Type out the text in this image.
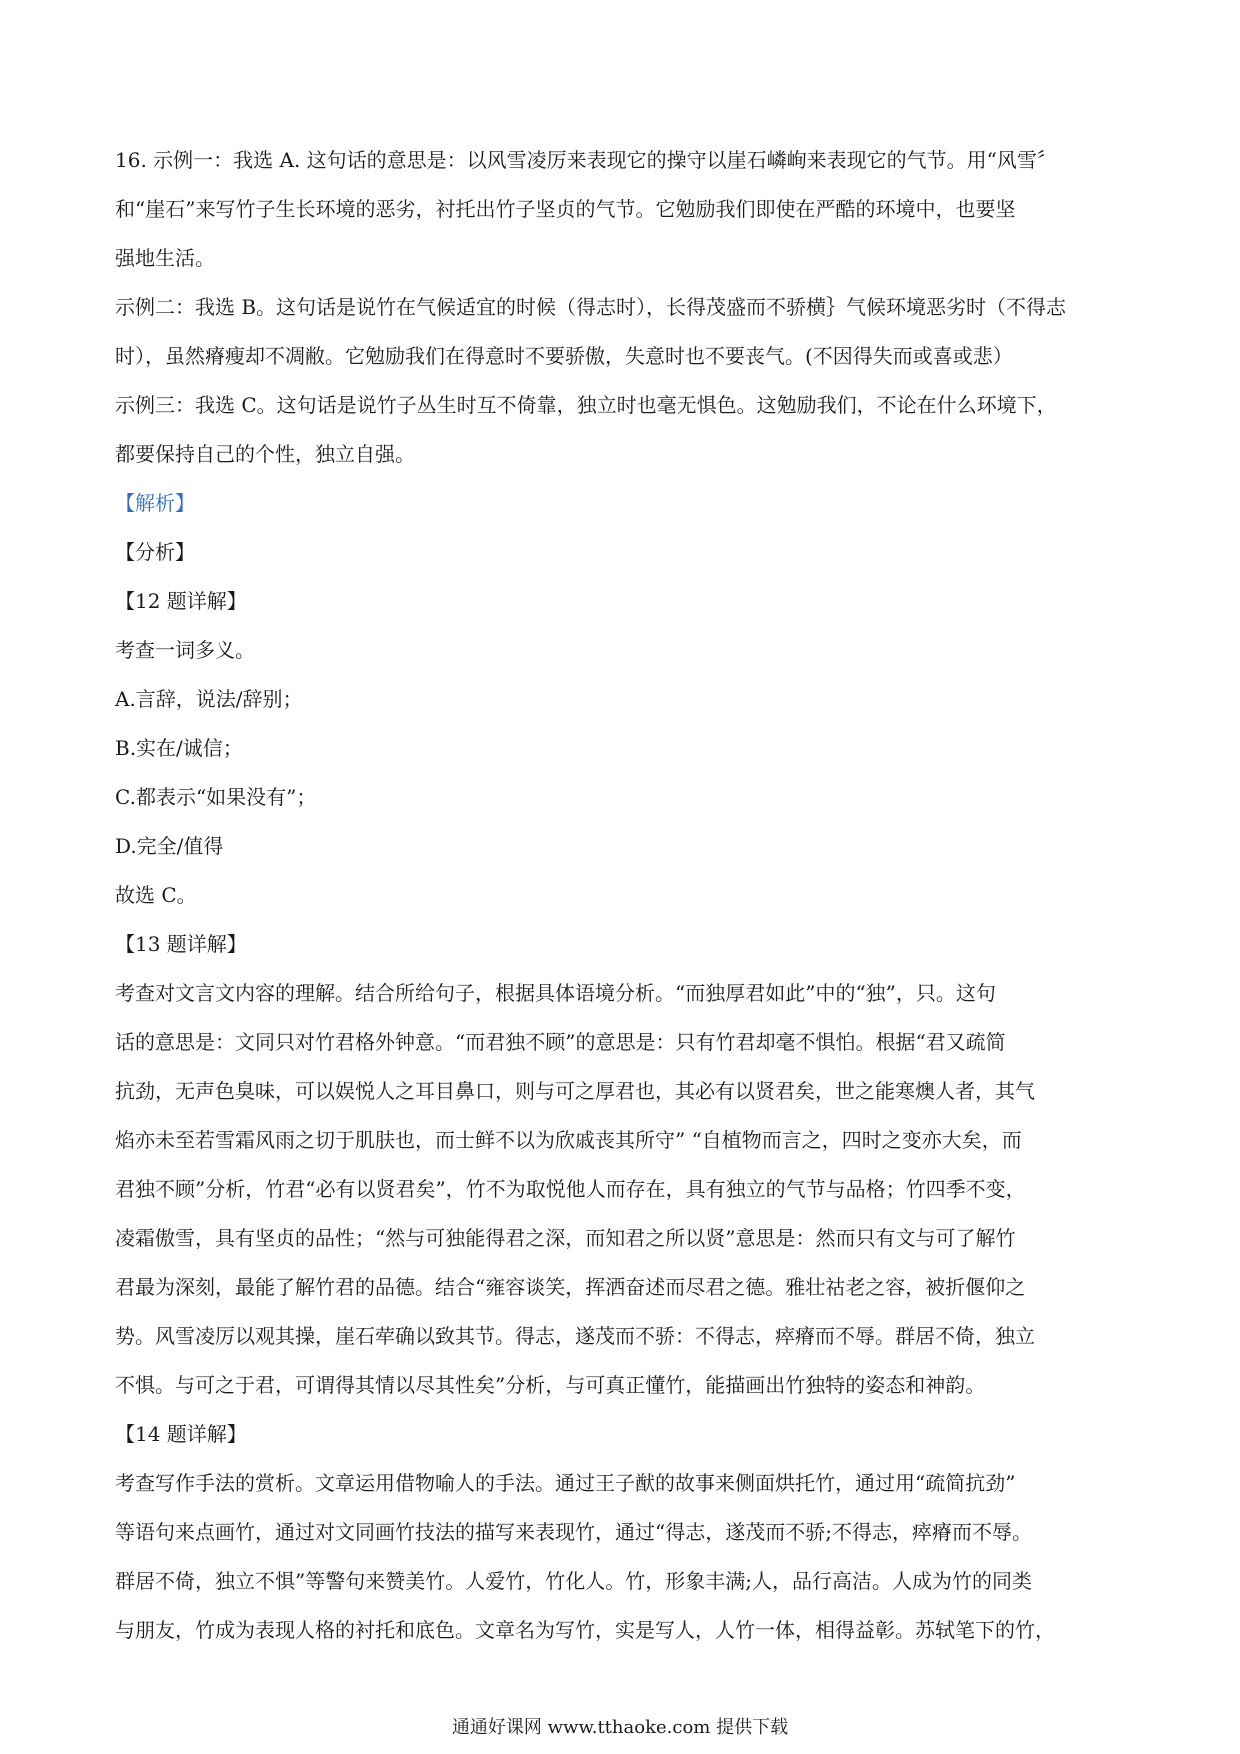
16. 示例一：我选 A. 这句话的意思是：以风雪凌厉来表现它的操守以崖石嶙峋来表现它的气节。用“风雪〞
和“崖石”来写竹子生长环境的恶劣，衬托出竹子坚贞的气节。它勉励我们即使在严酷的环境中，也要坚
强地生活。
示例二：我选 B。这句话是说竹在气候适宜的时候（得志时），长得茂盛而不骄横｝气候环境恶劣时（不得志
时），虽然瘠瘦却不凋敝。它勉励我们在得意时不要骄傲，失意时也不要丧气。(不因得失而或喜或悲）
示例三：我选 C。这句话是说竹子丛生时互不倚靠，独立时也毫无惧色。这勉励我们，不论在什么环境下，
都要保持自己的个性，独立自强。
【解析】
【分析】
【12 题详解】
考查一词多义。
A.言辞，说法/辞别；
B.实在/诚信；
C.都表示“如果没有”；
D.完全/值得
故选 C。
【13 题详解】
考查对文言文内容的理解。结合所给句子，根据具体语境分析。“而独厚君如此”中的“独”，只。这句
话的意思是：文同只对竹君格外钟意。“而君独不顾”的意思是：只有竹君却毫不惧怕。根据“君又疏简
抗劲，无声色臭味，可以娱悦人之耳目鼻口，则与可之厚君也，其必有以贤君矣，世之能寒燠人者，其气
焰亦未至若雪霜风雨之切于肌肤也，而士鲜不以为欣戚丧其所守” “自植物而言之，四时之变亦大矣，而
君独不顾”分析，竹君“必有以贤君矣”，竹不为取悦他人而存在，具有独立的气节与品格；竹四季不变，
凌霜傲雪，具有坚贞的品性；“然与可独能得君之深，而知君之所以贤”意思是：然而只有文与可了解竹
君最为深刻，最能了解竹君的品德。结合“雍容谈笑，挥洒奋述而尽君之德。雅壮祜老之容，被折偃仰之
势。风雪凌厉以观其操，崖石荦确以致其节。得志，遂茂而不骄：不得志，瘁瘠而不辱。群居不倚，独立
不惧。与可之于君，可谓得其情以尽其性矣”分析，与可真正懂竹，能描画出竹独特的姿态和神韵。
【14 题详解】
考查写作手法的赏析。文章运用借物喻人的手法。通过王子猷的故事来侧面烘托竹，通过用“疏简抗劲”
等语句来点画竹，通过对文同画竹技法的描写来表现竹，通过“得志，遂茂而不骄;不得志，瘁瘠而不辱。
群居不倚，独立不惧”等警句来赞美竹。人爱竹，竹化人。竹，形象丰满;人，品行高洁。人成为竹的同类
与朋友，竹成为表现人格的衬托和底色。文章名为写竹，实是写人，人竹一体，相得益彰。苏轼笔下的竹，
通通好课网 www.tthaoke.com 提供下载
